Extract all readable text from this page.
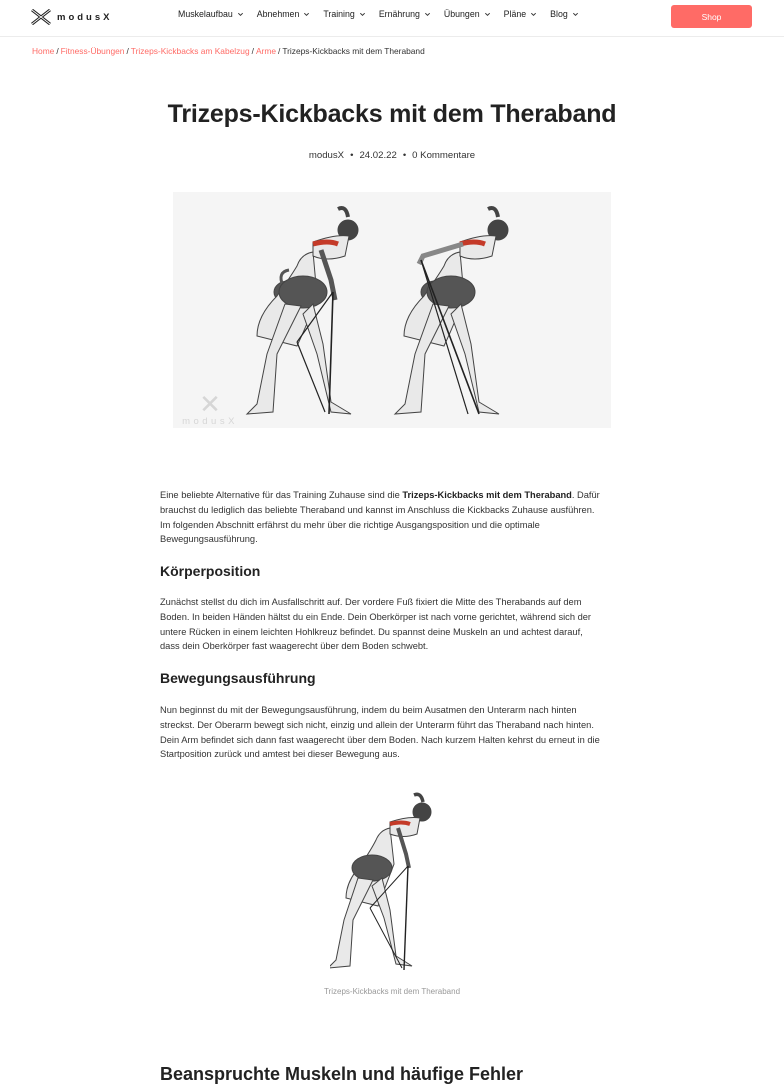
modusX	Muskelaufbau	Abnehmen	Training	Ernährung	Übungen	Pläne	Blog	Shop
Home / Fitness-Übungen / Trizeps-Kickbacks am Kabelzug / Arme / Trizeps-Kickbacks mit dem Theraband
Trizeps-Kickbacks mit dem Theraband
modusX • 24.02.22 • 0 Kommentare
✕
modusX
Eine beliebte Alternative für das Training Zuhause sind die Trizeps-Kickbacks mit dem Theraband. Dafür brauchst du lediglich das beliebte Theraband und kannst im Anschluss die Kickbacks Zuhause ausführen. Im folgenden Abschnitt erfährst du mehr über die richtige Ausgangsposition und die optimale Bewegungsausführung.
Körperposition

Zunächst stellst du dich im Ausfallschritt auf. Der vordere Fuß fixiert die Mitte des Therabands auf dem Boden. In beiden Händen hältst du ein Ende. Dein Oberkörper ist nach vorne gerichtet, während sich der untere Rücken in einem leichten Hohlkreuz befindet. Du spannst deine Muskeln an und achtest darauf, dass dein Oberkörper fast waagerecht über dem Boden schwebt.

Bewegungsausführung

Nun beginnst du mit der Bewegungsausführung, indem du beim Ausatmen den Unterarm nach hinten streckst. Der Oberarm bewegt sich nicht, einzig und allein der Unterarm führt das Theraband nach hinten. Dein Arm befindet sich dann fast waagerecht über dem Boden. Nach kurzem Halten kehrst du erneut in die Startposition zurück und amtest bei dieser Bewegung aus.

Trizeps-Kickbacks mit dem Theraband
Beanspruchte Muskeln und häufige Fehler
